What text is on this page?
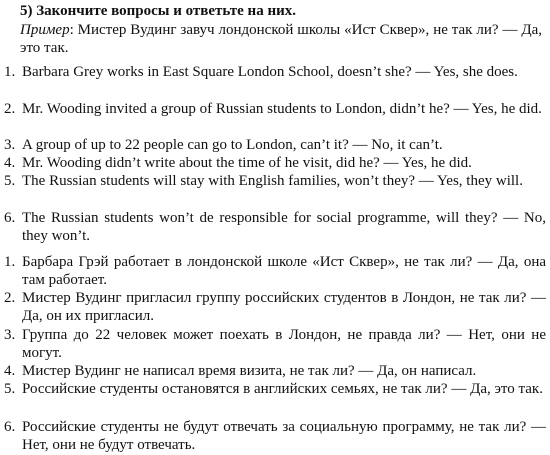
5) Закончите вопросы и ответьте на них.
Пример: Мистер Вудинг завуч лондонской школы «Ист Сквер», не так ли? — Да, это так.
1. Barbara Grey works in East Square London School, doesn’t she? — Yes, she does.
2. Mr. Wooding invited a group of Russian students to London, didn’t he? — Yes, he did.
3. A group of up to 22 people can go to London, can’t it? — No, it can’t.
4. Mr. Wooding didn’t write about the time of he visit, did he? — Yes, he did.
5. The Russian students will stay with English families, won’t they? — Yes, they will.
6. The Russian students won’t de responsible for social programme, will they? — No, they won’t.
1. Барбара Грэй работает в лондонской школе «Ист Сквер», не так ли? — Да, она там работает.
2. Мистер Вудинг пригласил группу российских студентов в Лондон, не так ли? — Да, он их пригласил.
3. Группа до 22 человек может поехать в Лондон, не правда ли? — Нет, они не могут.
4. Мистер Вудинг не написал время визита, не так ли? — Да, он написал.
5. Российские студенты остановятся в английских семьях, не так ли? — Да, это так.
6. Российские студенты не будут отвечать за социальную программу, не так ли? — Нет, они не будут отвечать.
